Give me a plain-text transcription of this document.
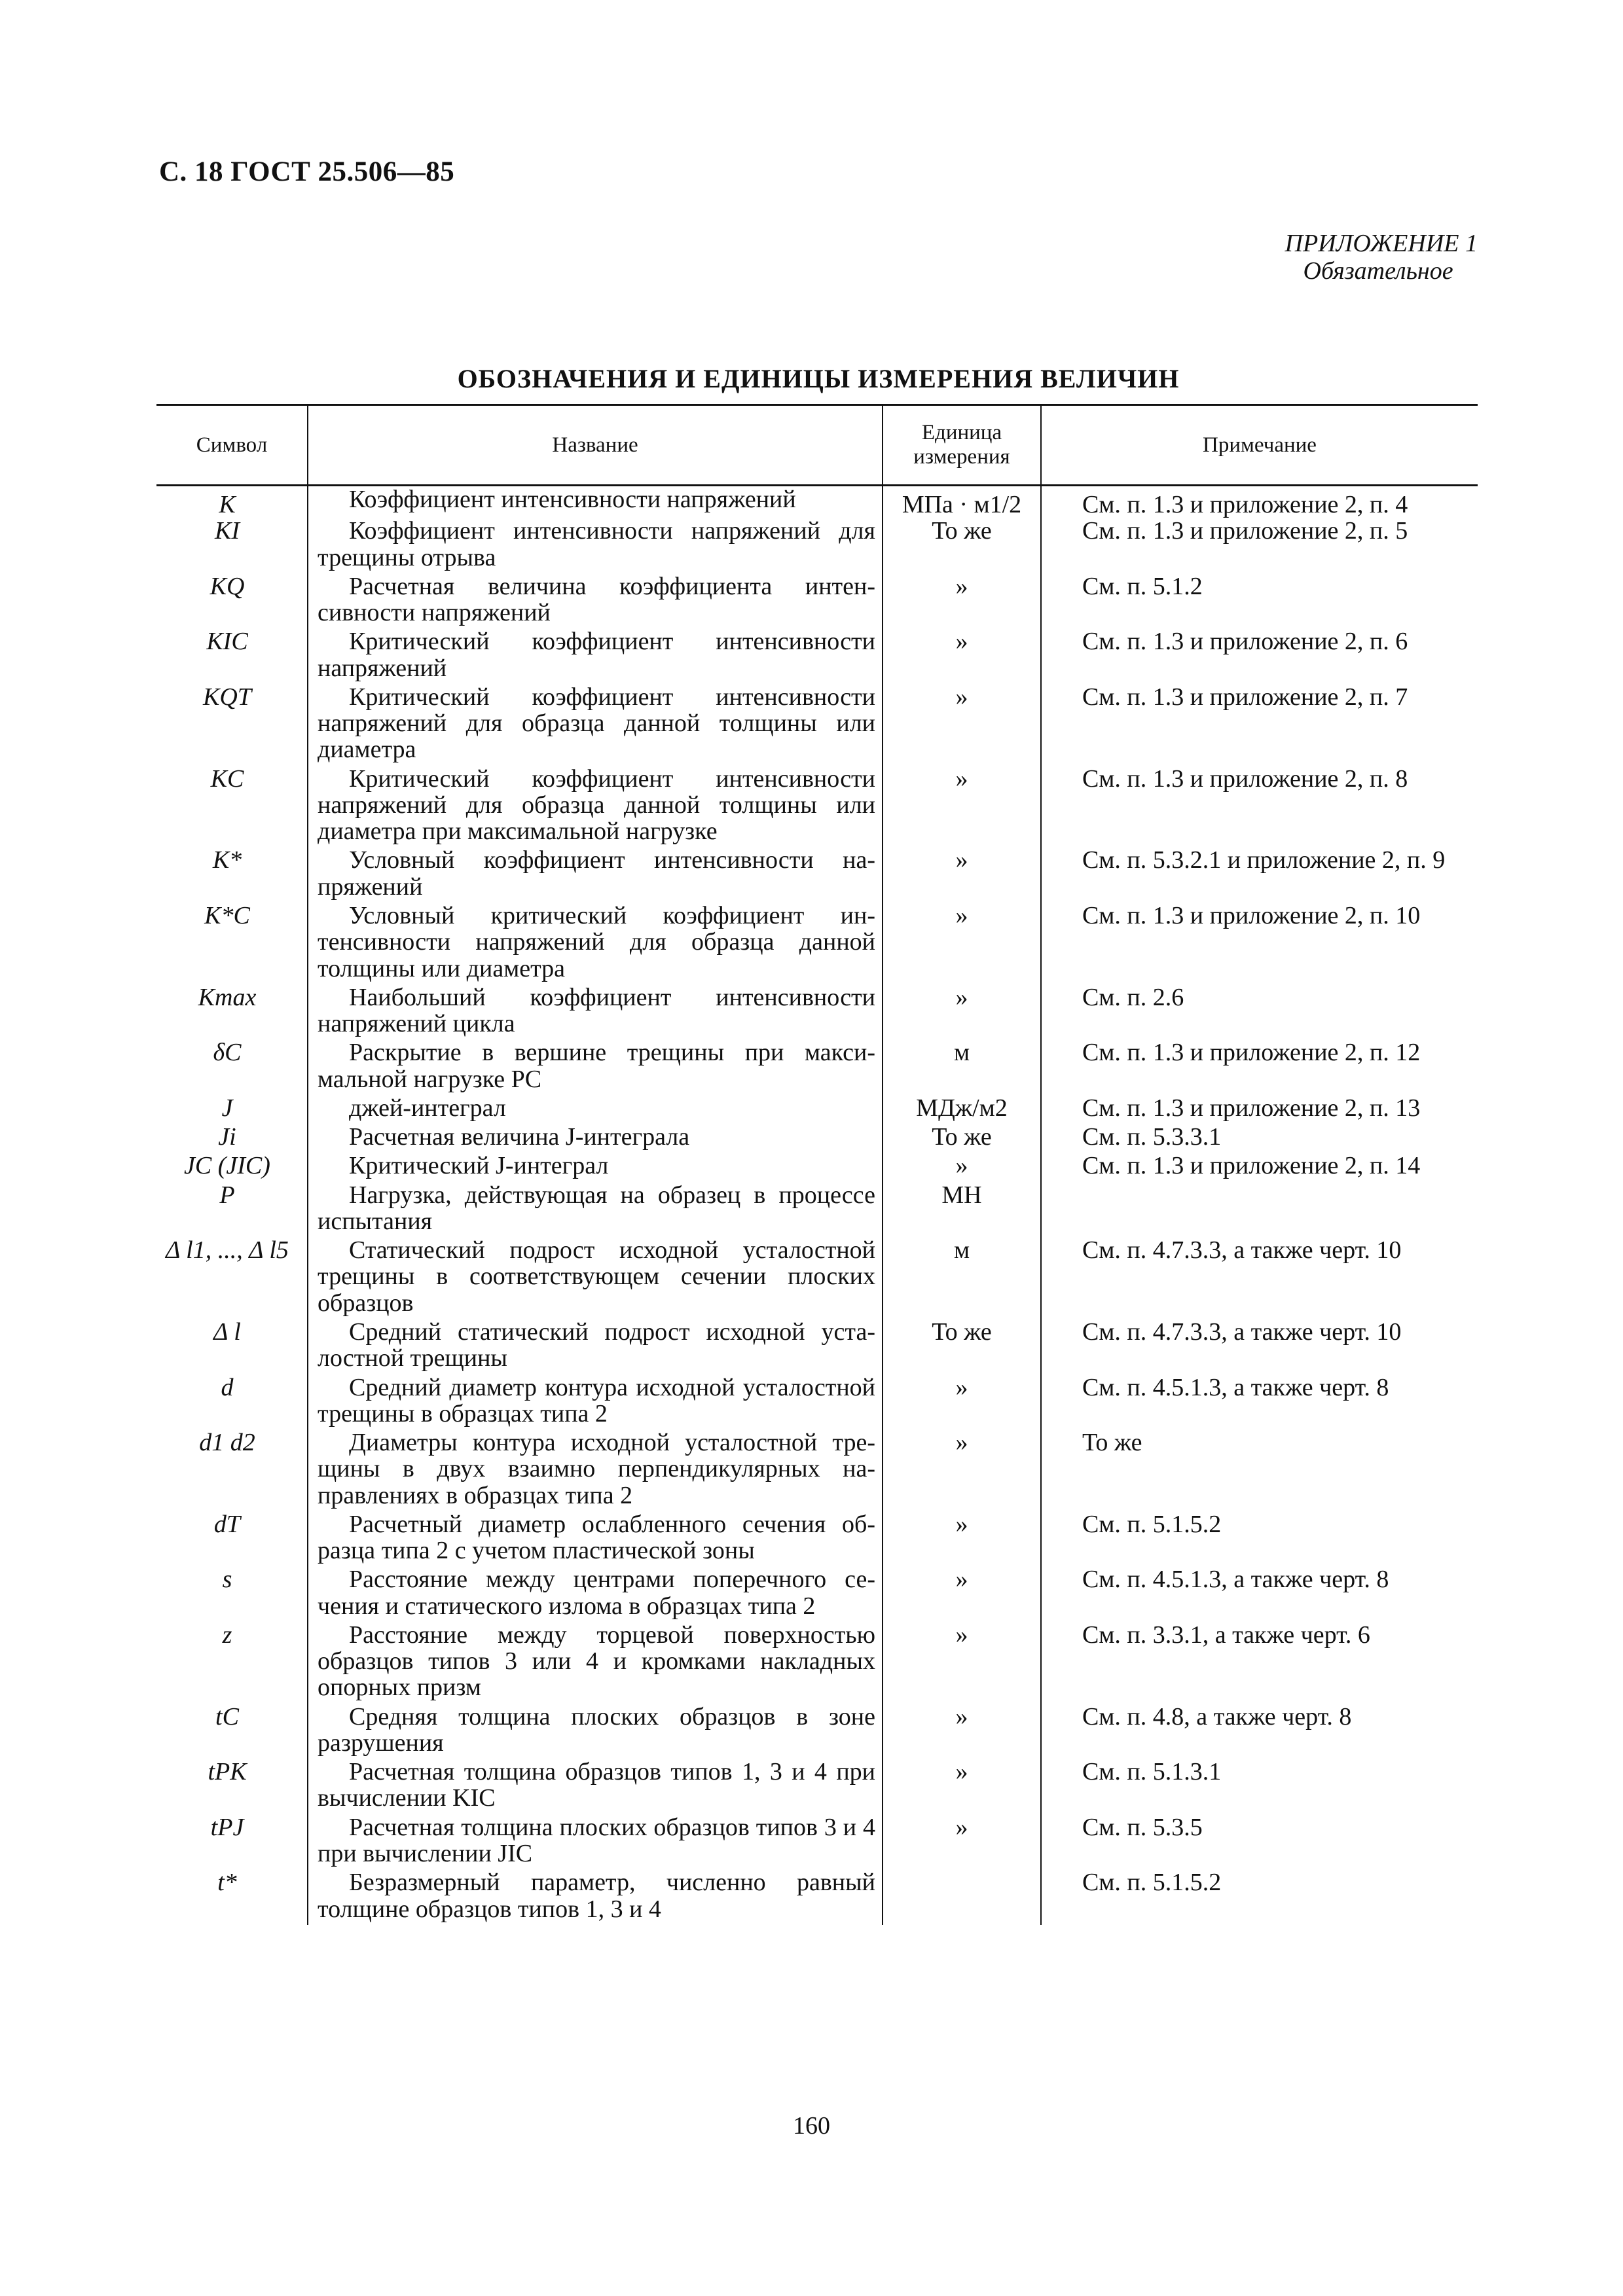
С. 18 ГОСТ 25.506—85
ПРИЛОЖЕНИЕ 1
Обязательное
ОБОЗНАЧЕНИЯ И ЕДИНИЦЫ ИЗМЕРЕНИЯ ВЕЛИЧИН
Символ	Название	Единица измерения	Примечание
K	Коэффициент интенсивности напряжений	МПа · м1/2	См. п. 1.3 и приложение 2, п. 4

KI	Коэффициент интенсивности напряжений для трещины отрыва	То же	См. п. 1.3 и приложение 2, п. 5

KQ	Расчетная величина коэффициента интенсивности напряжений	»	См. п. 5.1.2

KIC	Критический коэффициент интенсивности напряжений	»	См. п. 1.3 и приложение 2, п. 6

KQT	Критический коэффициент интенсивности напряжений для образца данной толщины или диаметра	»	См. п. 1.3 и приложение 2, п. 7

KC	Критический коэффициент интенсивности напряжений для образца данной толщины или диаметра при максимальной нагрузке	»	См. п. 1.3 и приложение 2, п. 8

K*	Условный коэффициент интенсивности напряжений	»	См. п. 5.3.2.1 и приложение 2, п. 9

K*C	Условный критический коэффициент интенсивности напряжений для образца данной толщины или диаметра	»	См. п. 1.3 и приложение 2, п. 10

Kmax	Наибольший коэффициент интенсивности напряжений цикла	»	См. п. 2.6

δC	Раскрытие в вершине трещины при максимальной нагрузке PC	м	См. п. 1.3 и приложение 2, п. 12

J	джей-интеграл	МДж/м2	См. п. 1.3 и приложение 2, п. 13

Ji	Расчетная величина J-интеграла	То же	См. п. 5.3.3.1

JC (JIC)	Критический J-интеграл	»	См. п. 1.3 и приложение 2, п. 14

P	Нагрузка, действующая на образец в процессе испытания	МН	

Δ l1, ..., Δ l5	Статический подрост исходной усталостной трещины в соответствующем сечении плоских образцов	м	См. п. 4.7.3.3, а также черт. 10

Δ l	Средний статический подрост исходной усталостной трещины	То же	См. п. 4.7.3.3, а также черт. 10

d	Средний диаметр контура исходной усталостной трещины в образцах типа 2	»	См. п. 4.5.1.3, а также черт. 8

d1 d2	Диаметры контура исходной усталостной трещины в двух взаимно перпендикулярных направлениях в образцах типа 2	»	То же

dT	Расчетный диаметр ослабленного сечения образца типа 2 с учетом пластической зоны	»	См. п. 5.1.5.2

s	Расстояние между центрами поперечного сечения и статического излома в образцах типа 2	»	См. п. 4.5.1.3, а также черт. 8

z	Расстояние между торцевой поверхностью образцов типов 3 или 4 и кромками накладных опорных призм	»	См. п. 3.3.1, а также черт. 6

tC	Средняя толщина плоских образцов в зоне разрушения	»	См. п. 4.8, а также черт. 8

tPK	Расчетная толщина образцов типов 1, 3 и 4 при вычислении KIC	»	См. п. 5.1.3.1

tPJ	Расчетная толщина плоских образцов типов 3 и 4 при вычислении JIC	»	См. п. 5.3.5

t*	Безразмерный параметр, численно равный толщине образцов типов 1, 3 и 4		См. п. 5.1.5.2
160
